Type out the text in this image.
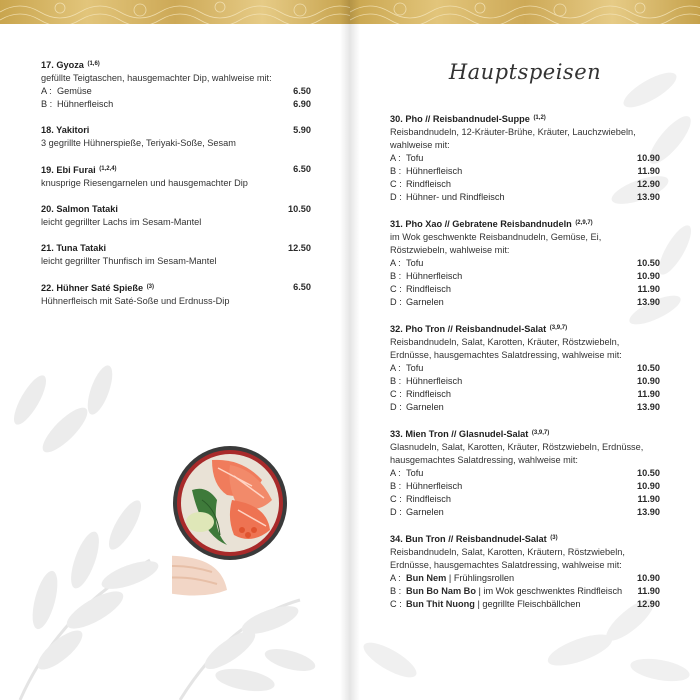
17. Gyoza $^{(1,6)}$
gefüllte Teigtaschen, hausgemachter Dip, wahlweise mit:
A : Gemüse	6.50
B : Hühnerfleisch	6.90
18. Yakitori	5.90
3 gegrillte Hühnerspieße, Teriyaki-Soße, Sesam
19. Ebi Furai $^{(1,2,4)}$	6.50
knusprige Riesengarnelen und hausgemachter Dip
20. Salmon Tataki	10.50
leicht gegrillter Lachs im Sesam-Mantel
21. Tuna Tataki	12.50
leicht gegrillter Thunfisch im Sesam-Mantel
22. Hühner Saté Spieße $^{(3)}$	6.50
Hühnerfleisch mit Saté-Soße und Erdnuss-Dip
30. Pho // Reisbandnudel-Suppe $^{(1,2)}$
Reisbandnudeln, 12-Kräuter-Brühe, Kräuter, Lauchzwiebeln,
wahlweise mit:
A : Tofu	10.90
B : Hühnerfleisch	11.90
C : Rindfleisch	12.90
D : Hühner- und Rindfleisch	13.90
31. Pho Xao // Gebratene Reisbandnudeln $^{(2,9,7)}$
im Wok geschwenkte Reisbandnudeln, Gemüse, Ei,
Röstzwiebeln, wahlweise mit:
A : Tofu	10.50
B : Hühnerfleisch	10.90
C : Rindfleisch	11.90
D : Garnelen	13.90
32. Pho Tron // Reisbandnudel-Salat $^{(3,9,7)}$
Reisbandnudeln, Salat, Karotten, Kräuter, Röstzwiebeln,
Erdnüsse, hausgemachtes Salatdressing, wahlweise mit:
A : Tofu	10.50
B : Hühnerfleisch	10.90
C : Rindfleisch	11.90
D : Garnelen	13.90
33. Mien Tron // Glasnudel-Salat $^{(3,9,7)}$
Glasnudeln, Salat, Karotten, Kräuter, Röstzwiebeln, Erdnüsse,
hausgemachtes Salatdressing, wahlweise mit:
A : Tofu	10.50
B : Hühnerfleisch	10.90
C : Rindfleisch	11.90
D : Garnelen	13.90
34. Bun Tron // Reisbandnudel-Salat $^{(3)}$
Reisbandnudeln, Salat, Karotten, Kräutern, Röstzwiebeln,
Erdnüsse, hausgemachtes Salatdressing, wahlweise mit:
A : Bun Nem | Frühlingsrollen	10.90
B : Bun Bo Nam Bo | im Wok geschwenktes Rindfleisch 11.90
C : Bun Thit Nuong | gegrillte Fleischbällchen	12.90
Hauptspeisen
